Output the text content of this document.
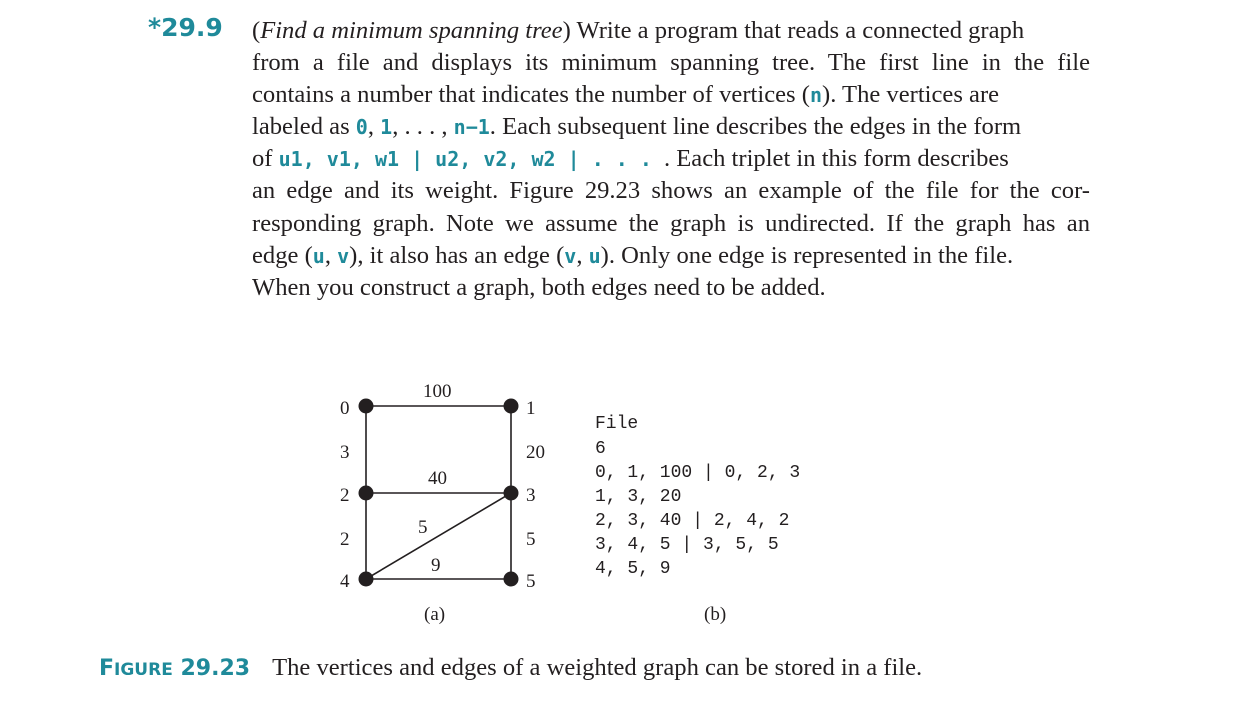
*29.9 (Find a minimum spanning tree) Write a program that reads a connected graph
from a file and displays its minimum spanning tree. The first line in the file
contains a number that indicates the number of vertices (n). The vertices are
labeled as 0, 1, . . . , n−1. Each subsequent line describes the edges in the form
of u1, v1, w1 | u2, v2, w2 | . . . . Each triplet in this form describes
an edge and its weight. Figure 29.23 shows an example of the file for the cor-
responding graph. Note we assume the graph is undirected. If the graph has an
edge (u, v), it also has an edge (v, u). Only one edge is represented in the file.
When you construct a graph, both edges need to be added.
0	1
2	3
4	5
100
3	20
40
2
5
5
9
(a)
File
6
0, 1, 100 | 0, 2, 3
1, 3, 20
2, 3, 40 | 2, 4, 2
3, 4, 5 | 3, 5, 5
4, 5, 9
(b)
FIGURE 29.23 The vertices and edges of a weighted graph can be stored in a file.
